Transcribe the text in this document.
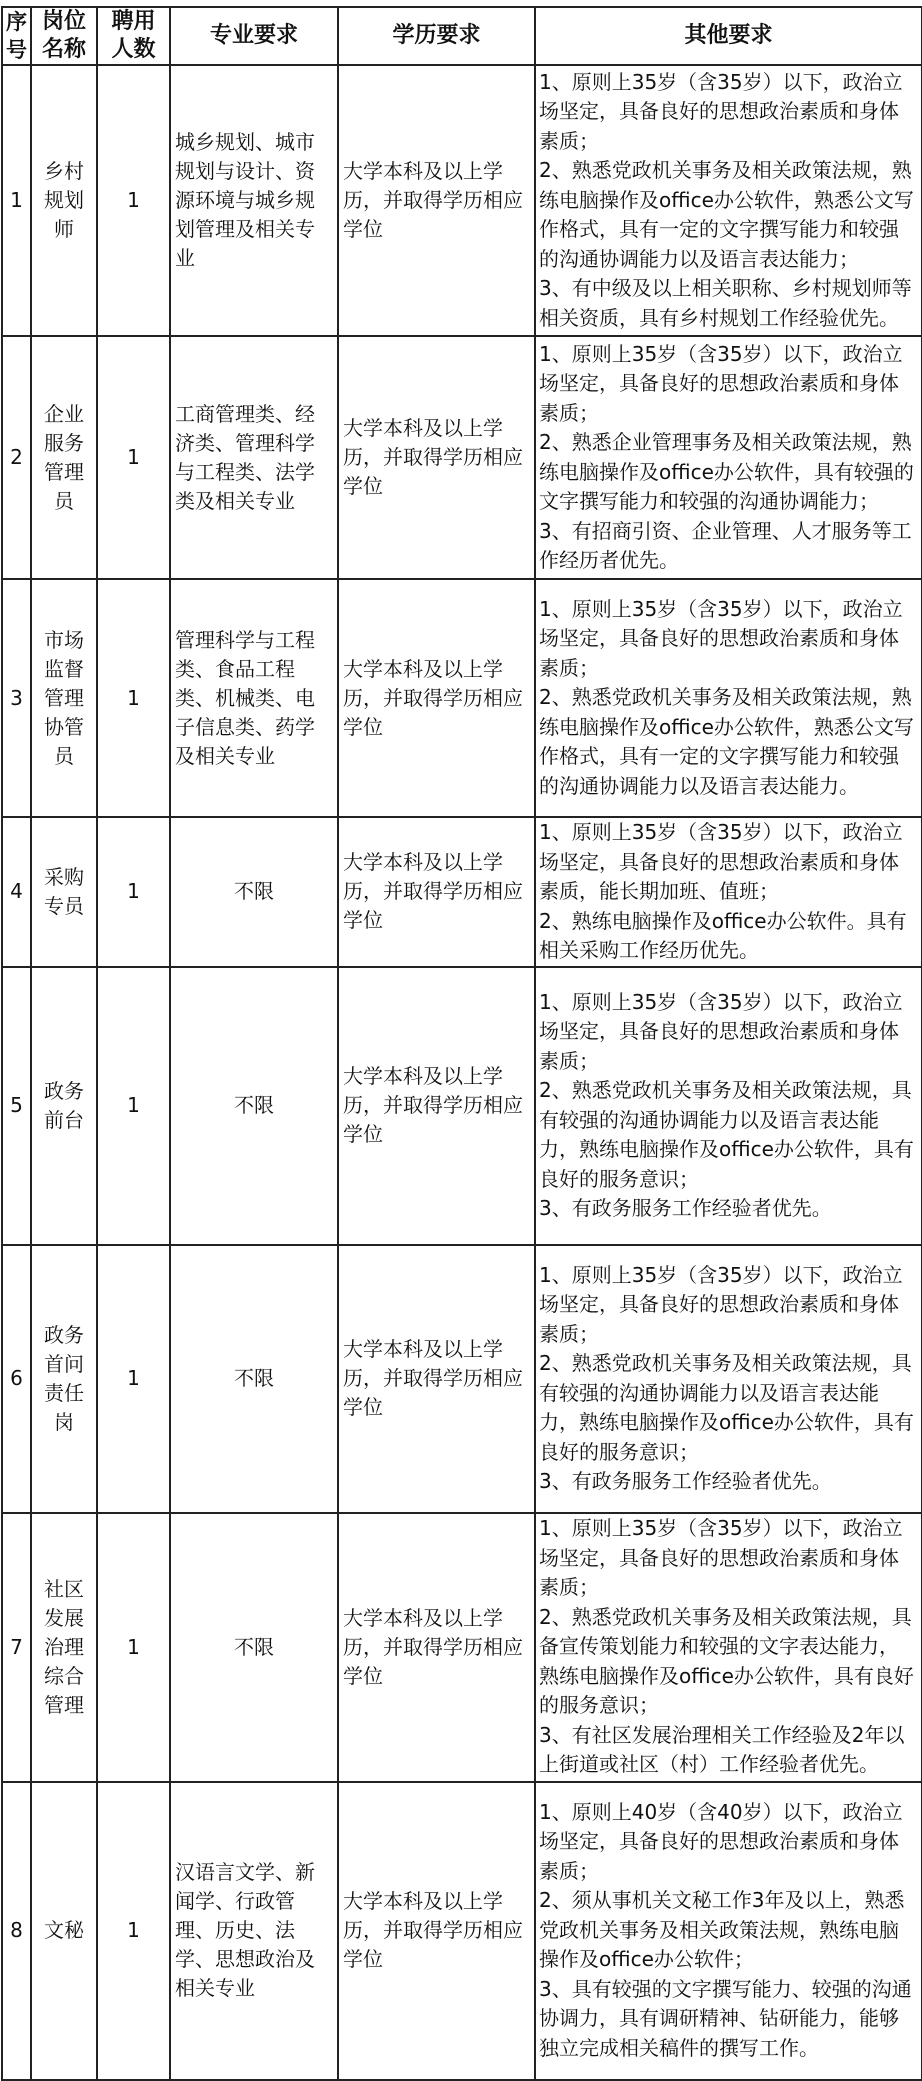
序号	岗位名称	聘用人数	专业要求	学历要求	其他要求
1	乡村规划师	1	城乡规划、城市规划与设计、资源环境与城乡规划管理及相关专业	大学本科及以上学历，并取得学历相应学位	1、原则上35岁（含35岁）以下，政治立场坚定，具备良好的思想政治素质和身体素质；
2、熟悉党政机关事务及相关政策法规，熟练电脑操作及office办公软件，熟悉公文写作格式，具有一定的文字撰写能力和较强的沟通协调能力以及语言表达能力；
3、有中级及以上相关职称、乡村规划师等相关资质，具有乡村规划工作经验优先。
2	企业服务管理员	1	工商管理类、经济类、管理科学与工程类、法学类及相关专业	大学本科及以上学历，并取得学历相应学位	1、原则上35岁（含35岁）以下，政治立场坚定，具备良好的思想政治素质和身体素质；
2、熟悉企业管理事务及相关政策法规，熟练电脑操作及office办公软件，具有较强的文字撰写能力和较强的沟通协调能力；
3、有招商引资、企业管理、人才服务等工作经历者优先。
3	市场监督管理协管员	1	管理科学与工程类、食品工程类、机械类、电子信息类、药学及相关专业	大学本科及以上学历，并取得学历相应学位	1、原则上35岁（含35岁）以下，政治立场坚定，具备良好的思想政治素质和身体素质；
2、熟悉党政机关事务及相关政策法规，熟练电脑操作及office办公软件，熟悉公文写作格式，具有一定的文字撰写能力和较强的沟通协调能力以及语言表达能力。
4	采购专员	1	不限	大学本科及以上学历，并取得学历相应学位	1、原则上35岁（含35岁）以下，政治立场坚定，具备良好的思想政治素质和身体素质，能长期加班、值班；
2、熟练电脑操作及office办公软件。具有相关采购工作经历优先。
5	政务前台	1	不限	大学本科及以上学历，并取得学历相应学位	1、原则上35岁（含35岁）以下，政治立场坚定，具备良好的思想政治素质和身体素质；
2、熟悉党政机关事务及相关政策法规，具有较强的沟通协调能力以及语言表达能力，熟练电脑操作及office办公软件，具有良好的服务意识；
3、有政务服务工作经验者优先。
6	政务首问责任岗	1	不限	大学本科及以上学历，并取得学历相应学位	1、原则上35岁（含35岁）以下，政治立场坚定，具备良好的思想政治素质和身体素质；
2、熟悉党政机关事务及相关政策法规，具有较强的沟通协调能力以及语言表达能力，熟练电脑操作及office办公软件，具有良好的服务意识；
3、有政务服务工作经验者优先。
7	社区发展治理综合管理	1	不限	大学本科及以上学历，并取得学历相应学位	1、原则上35岁（含35岁）以下，政治立场坚定，具备良好的思想政治素质和身体素质；
2、熟悉党政机关事务及相关政策法规，具备宣传策划能力和较强的文字表达能力，熟练电脑操作及office办公软件，具有良好的服务意识；
3、有社区发展治理相关工作经验及2年以上街道或社区（村）工作经验者优先。
8	文秘	1	汉语言文学、新闻学、行政管理、历史、法学、思想政治及相关专业	大学本科及以上学历，并取得学历相应学位	1、原则上40岁（含40岁）以下，政治立场坚定，具备良好的思想政治素质和身体素质；
2、须从事机关文秘工作3年及以上，熟悉党政机关事务及相关政策法规，熟练电脑操作及office办公软件；
3、具有较强的文字撰写能力、较强的沟通协调力，具有调研精神、钻研能力，能够独立完成相关稿件的撰写工作。
